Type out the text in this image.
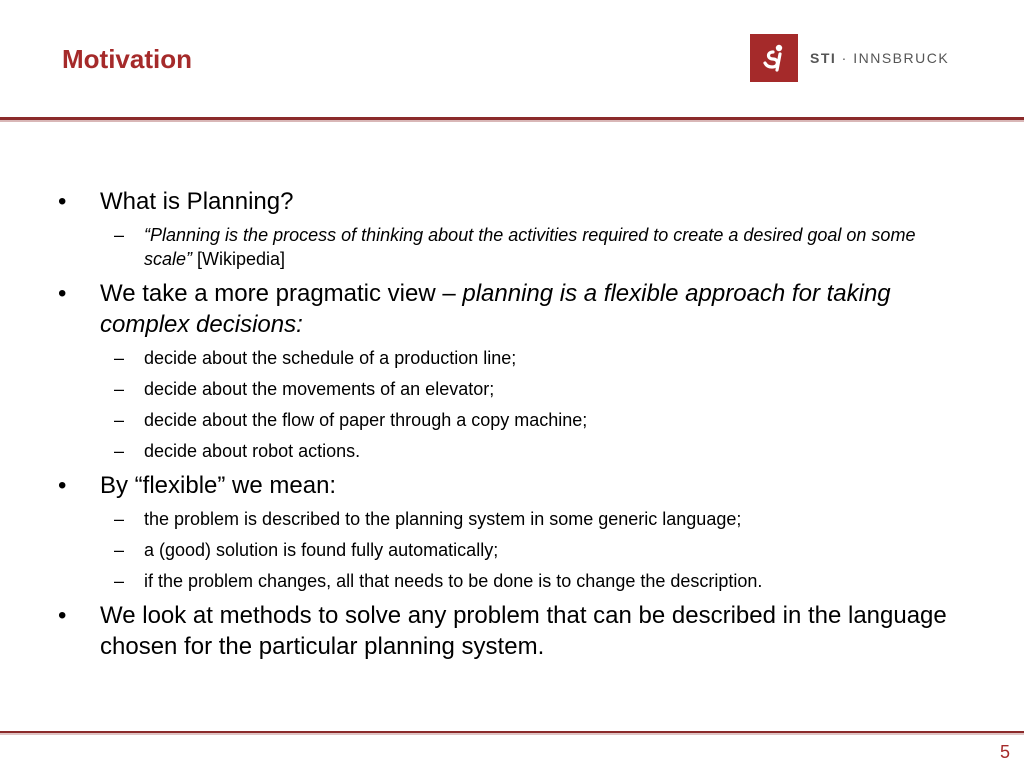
Motivation	STI · INNSBRUCK
• What is Planning?
– “Planning is the process of thinking about the activities required to create a desired goal on some scale” [Wikipedia]
• We take a more pragmatic view – planning is a flexible approach for taking complex decisions:
– decide about the schedule of a production line;
– decide about the movements of an elevator;
– decide about the flow of paper through a copy machine;
– decide about robot actions.
• By “flexible” we mean:
– the problem is described to the planning system in some generic language;
– a (good) solution is found fully automatically;
– if the problem changes, all that needs to be done is to change the description.
• We look at methods to solve any problem that can be described in the language chosen for the particular planning system.
5
